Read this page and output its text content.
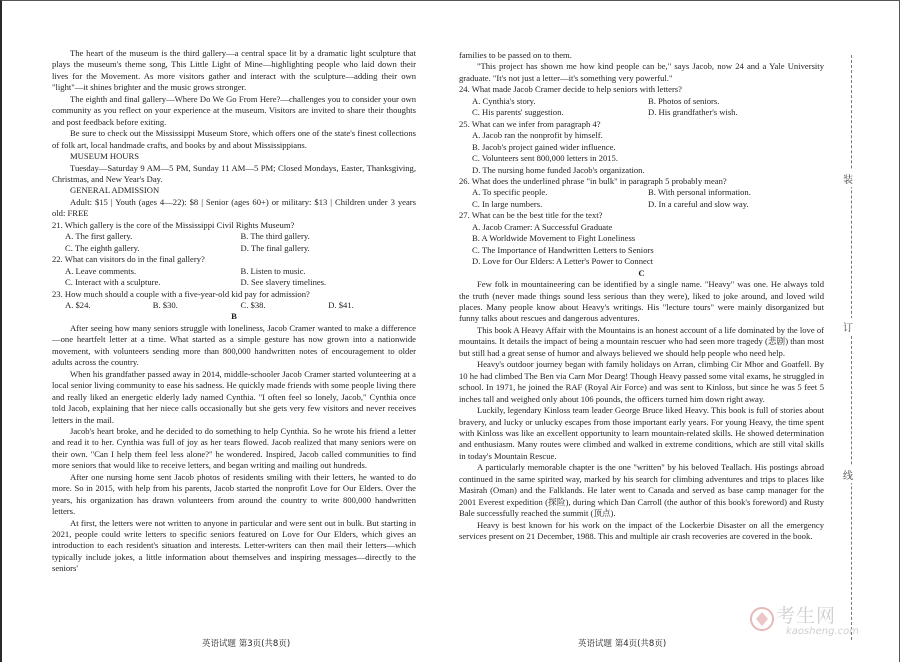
The heart of the museum is the third gallery—a central space lit by a dramatic light sculpture that plays the museum's theme song, This Little Light of Mine—highlighting people who laid down their lives for the Movement. As more visitors gather and interact with the sculpture—adding their own "light"—it shines brighter and the music grows stronger.

The eighth and final gallery—Where Do We Go From Here?—challenges you to consider your own community as you reflect on your experience at the museum. Visitors are invited to share their thoughts and post feedback before exiting.

Be sure to check out the Mississippi Museum Store, which offers one of the state's finest collections of folk art, local handmade crafts, and books by and about Mississippians.

MUSEUM HOURS

Tuesday—Saturday 9 AM—5 PM, Sunday 11 AM—5 PM; Closed Mondays, Easter, Thanksgiving, Christmas, and New Year's Day.

GENERAL ADMISSION

Adult: $15 | Youth (ages 4—22): $8 | Senior (ages 60+) or military: $13 | Children under 3 years old: FREE

21. Which gallery is the core of the Mississippi Civil Rights Museum?

A. The first gallery.	B. The third gallery.
C. The eighth gallery.	D. The final gallery.

22. What can visitors do in the final gallery?

A. Leave comments.	B. Listen to music.
C. Interact with a sculpture.	D. See slavery timelines.

23. How much should a couple with a five-year-old kid pay for admission?

A. $24.	B. $30.	C. $38.	D. $41.

B

After seeing how many seniors struggle with loneliness, Jacob Cramer wanted to make a difference—one heartfelt letter at a time. What started as a simple gesture has now grown into a nationwide movement, with volunteers sending more than 800,000 handwritten notes of encouragement to older adults across the country.

When his grandfather passed away in 2014, middle-schooler Jacob Cramer started volunteering at a local senior living community to ease his sadness. He quickly made friends with some people living there and really liked an energetic elderly lady named Cynthia. "I often feel so lonely, Jacob," Cynthia once told Jacob, explaining that her niece calls occasionally but she gets very few visitors and never receives letters in the mail.

Jacob's heart broke, and he decided to do something to help Cynthia. So he wrote his friend a letter and read it to her. Cynthia was full of joy as her tears flowed. Jacob realized that many seniors were on their own. "Can I help them feel less alone?" he wondered. Inspired, Jacob called communities to find more seniors that would like to receive letters, and began writing and mailing out hundreds.

After one nursing home sent Jacob photos of residents smiling with their letters, he wanted to do more. So in 2015, with help from his parents, Jacob started the nonprofit Love for Our Elders. Over the years, his organization has drawn volunteers from around the country to write 800,000 handwritten letters.

At first, the letters were not written to anyone in particular and were sent out in bulk. But starting in 2021, people could write letters to specific seniors featured on Love for Our Elders, which gives an introduction to each resident's situation and interests. Letter-writers can then mail their letters—which typically include jokes, a little information about themselves and inspiring messages—directly to the seniors'

families to be passed on to them.

"This project has shown me how kind people can be," says Jacob, now 24 and a Yale University graduate. "It's not just a letter—it's something very powerful."

24. What made Jacob Cramer decide to help seniors with letters?

A. Cynthia's story.	B. Photos of seniors.
C. His parents' suggestion.	D. His grandfather's wish.

25. What can we infer from paragraph 4?

A. Jacob ran the nonprofit by himself.

B. Jacob's project gained wider influence.

C. Volunteers sent 800,000 letters in 2015.

D. The nursing home funded Jacob's organization.

26. What does the underlined phrase "in bulk" in paragraph 5 probably mean?

A. To specific people.	B. With personal information.
C. In large numbers.	D. In a careful and slow way.

27. What can be the best title for the text?

A. Jacob Cramer: A Successful Graduate

B. A Worldwide Movement to Fight Loneliness

C. The Importance of Handwritten Letters to Seniors

D. Love for Our Elders: A Letter's Power to Connect

C

Few folk in mountaineering can be identified by a single name. "Heavy" was one. He always told the truth (never made things sound less serious than they were), liked to joke around, and loved wild places. Many people know about Heavy's writings. His "lecture tours" were mainly disorganized but funny talks about rescues and dangerous adventures.

This book A Heavy Affair with the Mountains is an honest account of a life dominated by the love of mountains. It details the impact of being a mountain rescuer who had seen more tragedy (悲剧) than most but still had a great sense of humor and always believed we should help people who need help.

Heavy's outdoor journey began with family holidays on Arran, climbing Cir Mhor and Goatfell. By 10 he had climbed The Ben via Carn Mor Dearg! Though Heavy passed some vital exams, he struggled in school. In 1971, he joined the RAF (Royal Air Force) and was sent to Kinloss, but since he was 5 feet 5 inches tall and weighed only about 106 pounds, the officers turned him down right away.

Luckily, legendary Kinloss team leader George Bruce liked Heavy. This book is full of stories about bravery, and lucky or unlucky escapes from those important early years. For young Heavy, the time spent with Kinloss was like an excellent opportunity to learn mountain-related skills. He showed determination and enthusiasm. Many routes were climbed and walked in extreme conditions, which are still vital skills in today's Mountain Rescue.

A particularly memorable chapter is the one "written" by his beloved Teallach. His postings abroad continued in the same spirited way, marked by his search for climbing adventures and trips to places like Masirah (Oman) and the Falklands. He later went to Canada and served as base camp manager for the 2001 Everest expedition (探险), during which Dan Carroll (the author of this book's foreword) and Rusty Bale successfully reached the summit (顶点).

Heavy is best known for his work on the impact of the Lockerbie Disaster on all the emergency services present on 21 December, 1988. This and multiple air crash recoveries are covered in the book.

英语试题 第3页(共8页)	英语试题 第4页(共8页)
装
订
线
考生网
kaosheng.com
